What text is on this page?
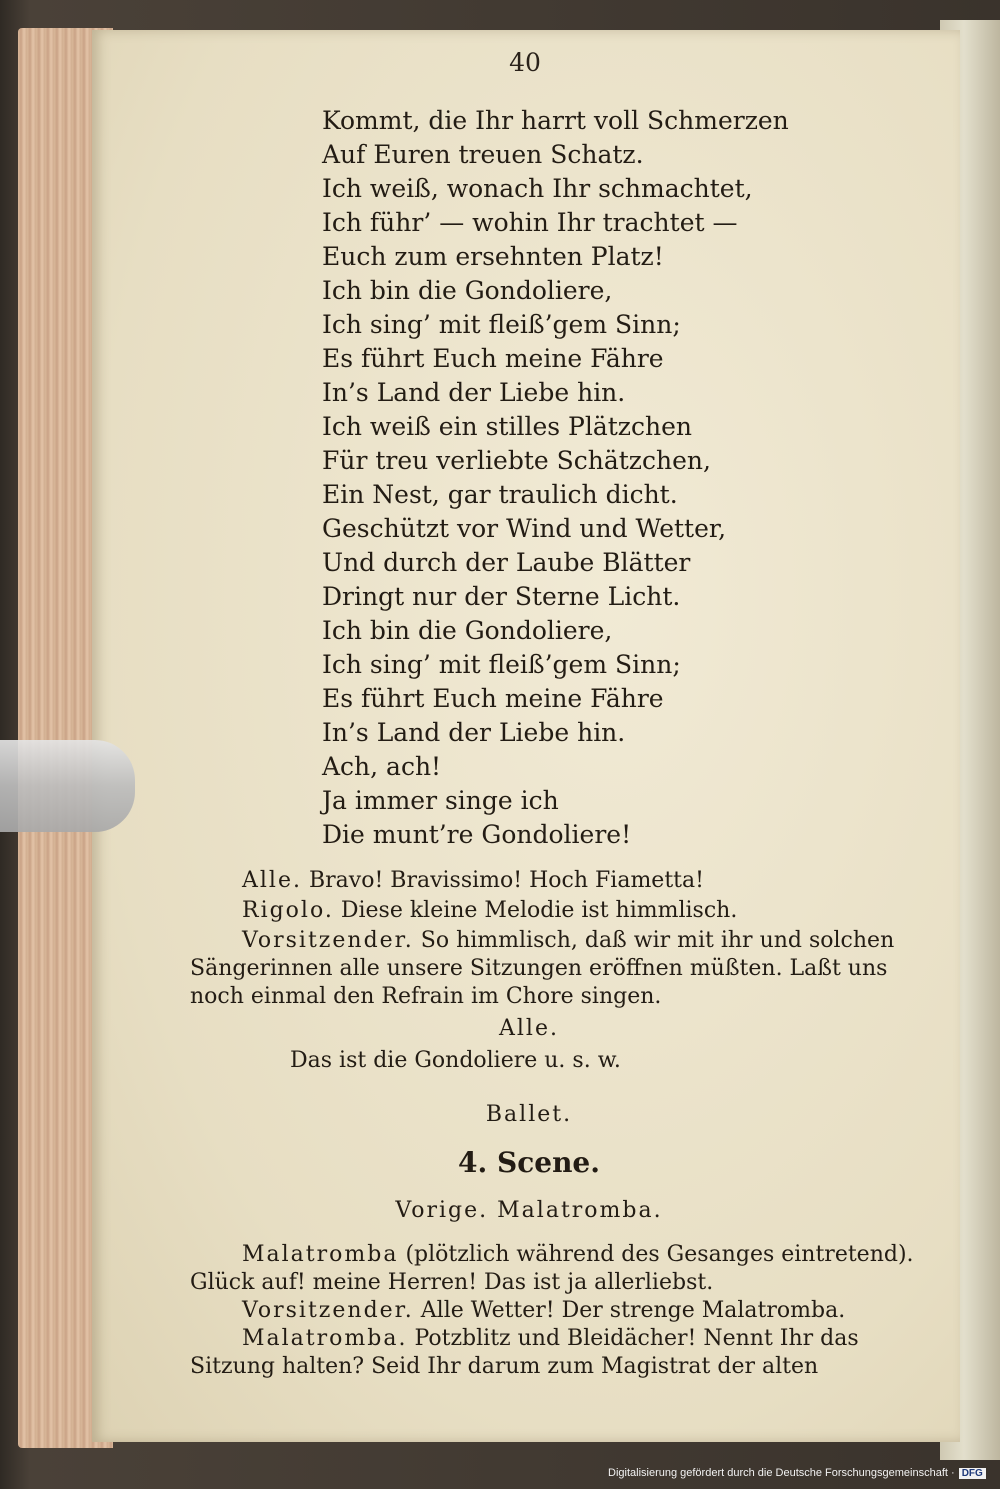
40
Kommt, die Ihr harrt voll Schmerzen
Auf Euren treuen Schatz.
Ich weiß, wonach Ihr schmachtet,
Ich führ’ — wohin Ihr trachtet —
Euch zum ersehnten Platz!
Ich bin die Gondoliere,
Ich sing’ mit fleiß’gem Sinn;
Es führt Euch meine Fähre
In’s Land der Liebe hin.
Ich weiß ein stilles Plätzchen
Für treu verliebte Schätzchen,
Ein Nest, gar traulich dicht.
Geschützt vor Wind und Wetter,
Und durch der Laube Blätter
Dringt nur der Sterne Licht.
Ich bin die Gondoliere,
Ich sing’ mit fleiß’gem Sinn;
Es führt Euch meine Fähre
In’s Land der Liebe hin.
Ach, ach!
Ja immer singe ich
Die munt’re Gondoliere!
Alle. Bravo! Bravissimo! Hoch Fiametta!
Rigolo. Diese kleine Melodie ist himmlisch.
Vorsitzender. So himmlisch, daß wir mit ihr und solchen
Sängerinnen alle unsere Sitzungen eröffnen müßten. Laßt uns
noch einmal den Refrain im Chore singen.
Alle.
Das ist die Gondoliere u. s. w.
Ballet.
4. Scene.
Vorige. Malatromba.
Malatromba (plötzlich während des Gesanges eintretend).
Glück auf! meine Herren! Das ist ja allerliebst.
Vorsitzender. Alle Wetter! Der strenge Malatromba.
Malatromba. Potzblitz und Bleidächer! Nennt Ihr das
Sitzung halten? Seid Ihr darum zum Magistrat der alten
Digitalisierung gefördert durch die Deutsche Forschungsgemeinschaft · DFG
